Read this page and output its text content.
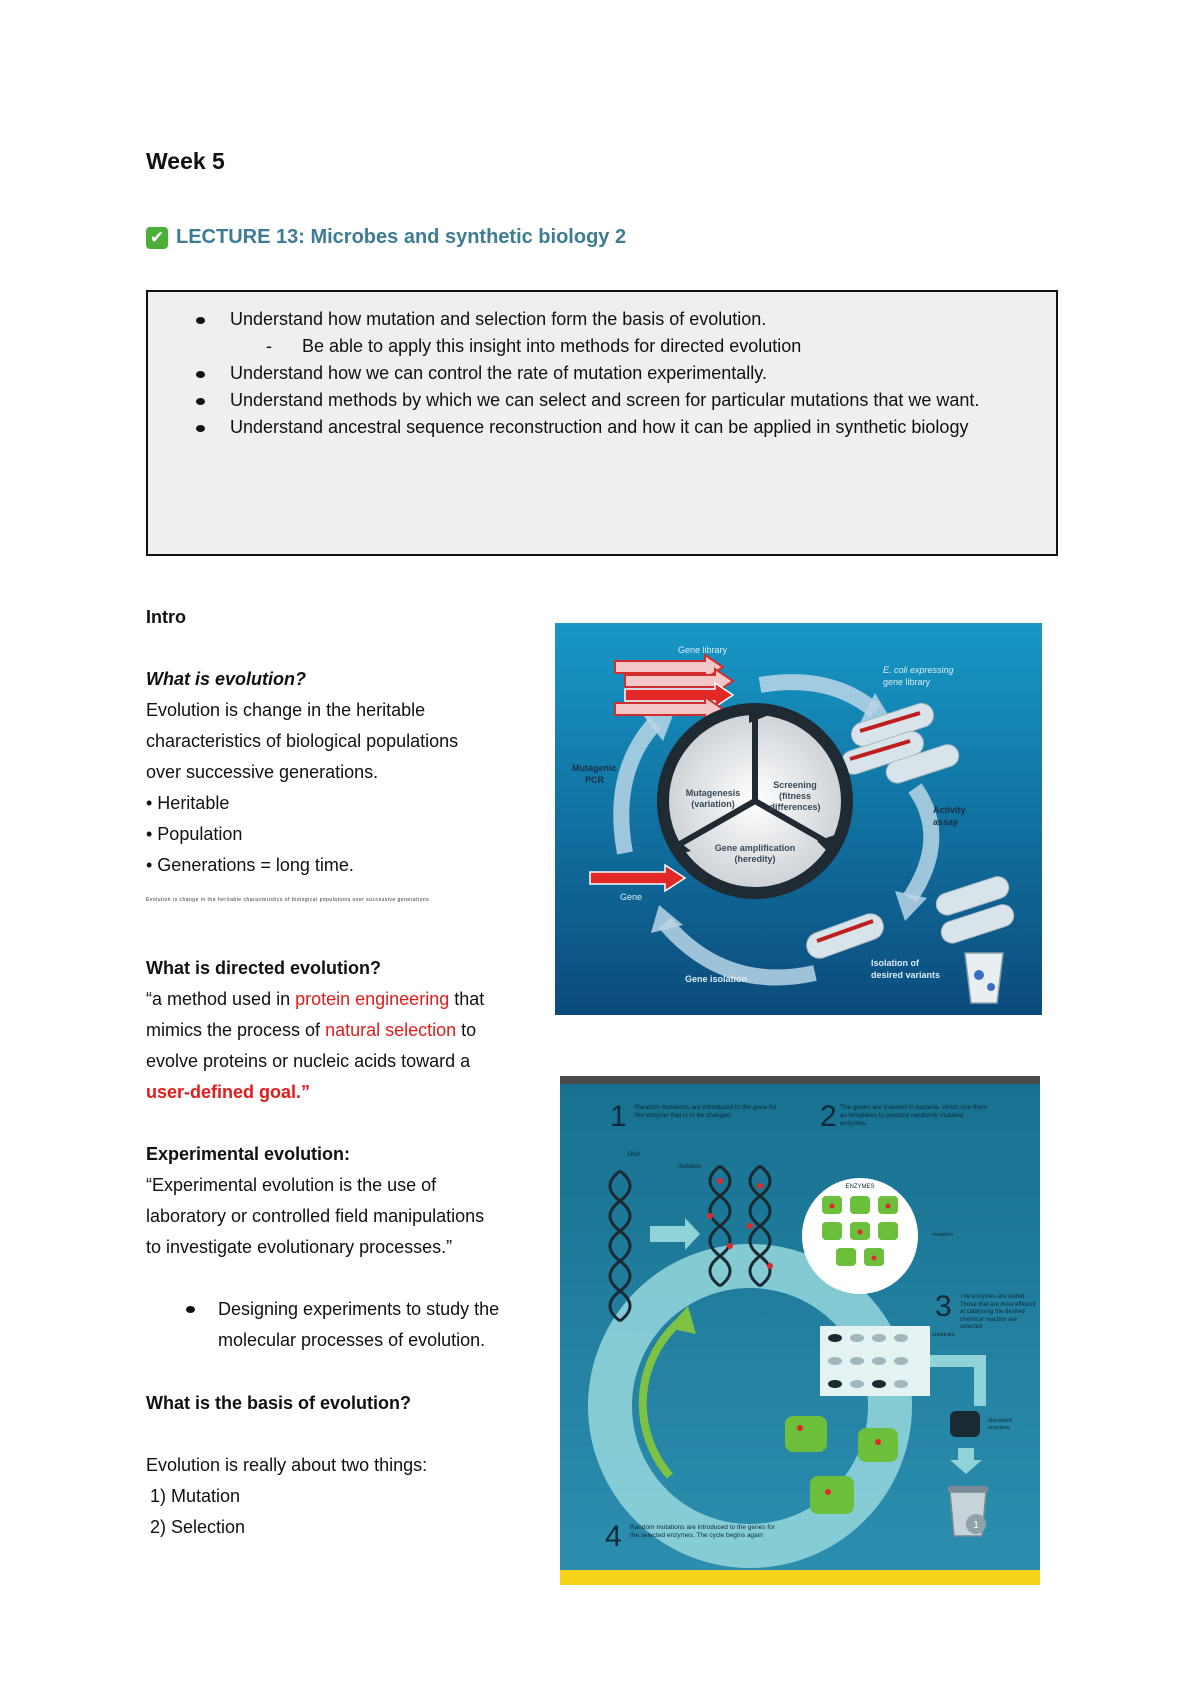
Week 5
✔ LECTURE 13: Microbes and synthetic biology 2
Understand how mutation and selection form the basis of evolution.
- Be able to apply this insight into methods for directed evolution
Understand how we can control the rate of mutation experimentally.
Understand methods by which we can select and screen for particular mutations that we want.
Understand ancestral sequence reconstruction and how it can be applied in synthetic biology
Intro
What is evolution?
Evolution is change in the heritable
characteristics of biological populations
over successive generations.
• Heritable
• Population
• Generations = long time.
Evolution is change in the heritable characteristics of biological populations over successive generations
What is directed evolution?
“a method used in protein engineering that
mimics the process of natural selection to
evolve proteins or nucleic acids toward a
user-defined goal.”
Experimental evolution:
“Experimental evolution is the use of
laboratory or controlled field manipulations
to investigate evolutionary processes.”
Designing experiments to study the
molecular processes of evolution.
What is the basis of evolution?
Evolution is really about two things:
1) Mutation
2) Selection
Mutagenesis
(variation)
Screening
(fitness
differences)
Gene amplification
(heredity)
Gene library
E. coli expressing
gene library
Mutagenic
PCR
Activity
assay
Gene
Gene isolation
Isolation of
desired variants
1	2
3
4
Random mutations are introduced to the gene for the enzyme that is to be changed
The genes are inserted in bacteria, which use them as templates to produce randomly mutated enzymes
The enzymes are tested. Those that are most efficient at catalysing the desired chemical reaction are selected
Random mutations are introduced to the genes for the selected enzymes. The cycle begins again
DNA
mutation
ENZYMES
mutation
substrate
discarded
enzymes
1
